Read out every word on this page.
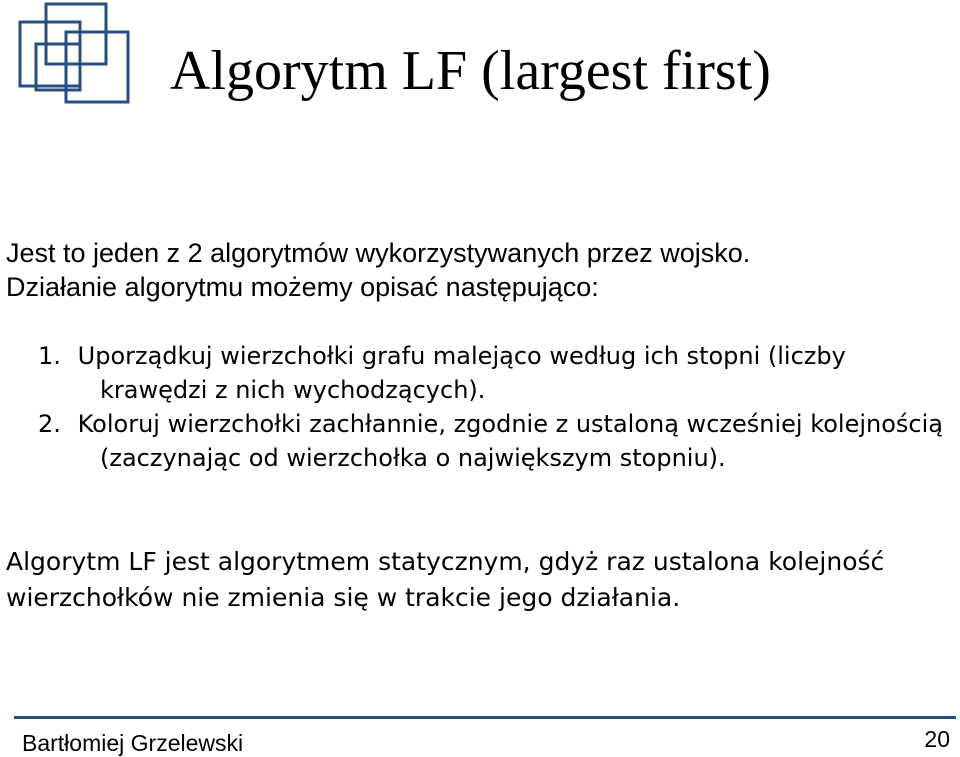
Algorytm LF (largest first)
Jest to jeden z 2 algorytmów wykorzystywanych przez wojsko.
Działanie algorytmu możemy opisać następująco:
1. Uporządkuj wierzchołki grafu malejąco według ich stopni (liczby krawędzi z nich wychodzących).
2. Koloruj wierzchołki zachłannie, zgodnie z ustaloną wcześniej kolejnością (zaczynając od wierzchołka o największym stopniu).
Algorytm LF jest algorytmem statycznym, gdyż raz ustalona kolejność wierzchołków nie zmienia się w trakcie jego działania.
Bartłomiej Grzelewski	20
